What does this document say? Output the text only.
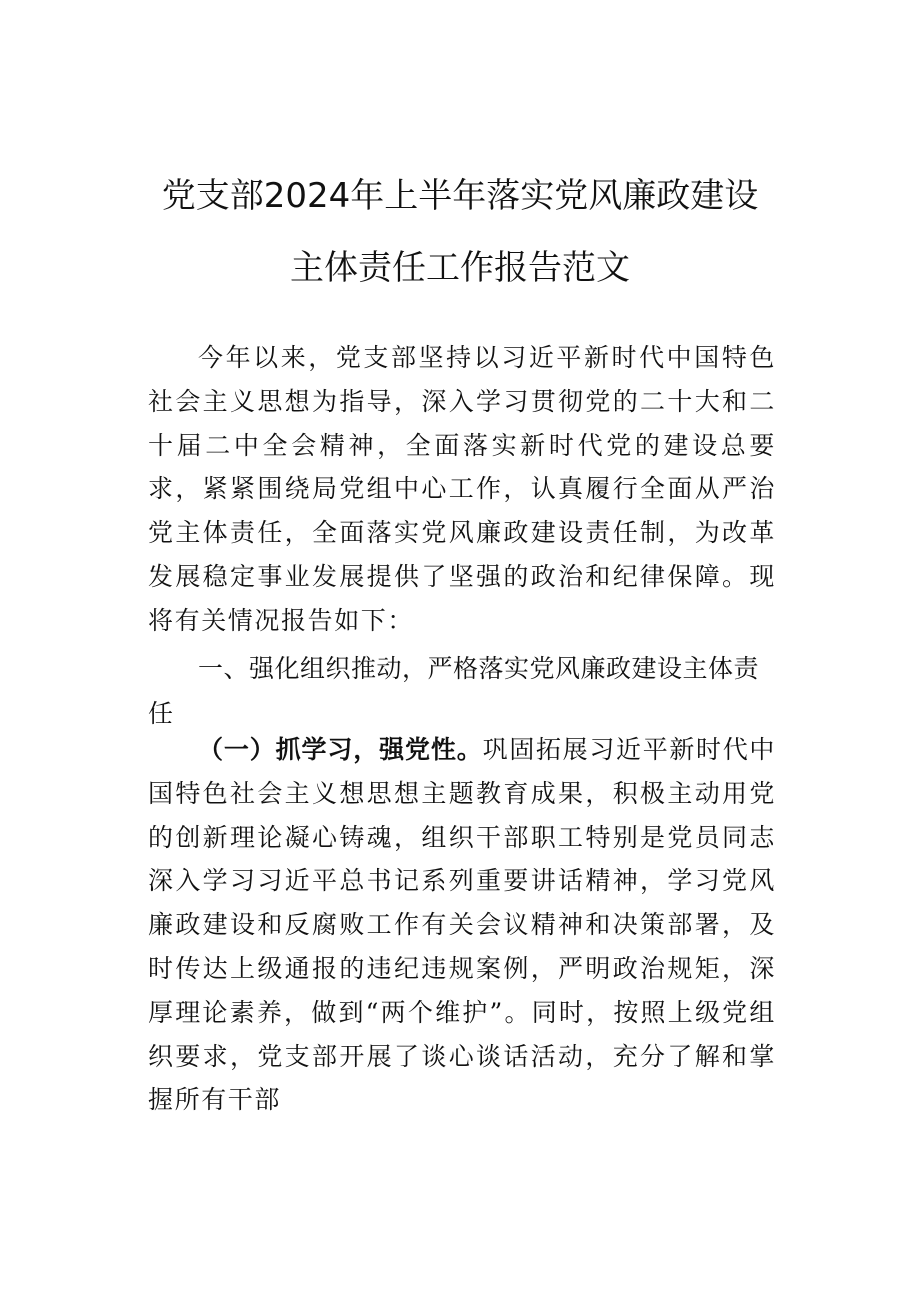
党支部2024年上半年落实党风廉政建设
主体责任工作报告范文

今年以来，党支部坚持以习近平新时代中国特色社会主义思想为指导，深入学习贯彻党的二十大和二十届二中全会精神，全面落实新时代党的建设总要求，紧紧围绕局党组中心工作，认真履行全面从严治党主体责任，全面落实党风廉政建设责任制，为改革发展稳定事业发展提供了坚强的政治和纪律保障。现将有关情况报告如下：

一、强化组织推动，严格落实党风廉政建设主体责任

（一）抓学习，强党性。巩固拓展习近平新时代中国特色社会主义想思想主题教育成果，积极主动用党的创新理论凝心铸魂，组织干部职工特别是党员同志深入学习习近平总书记系列重要讲话精神，学习党风廉政建设和反腐败工作有关会议精神和决策部署，及时传达上级通报的违纪违规案例，严明政治规矩，深厚理论素养，做到“两个维护”。同时，按照上级党组织要求，党支部开展了谈心谈话活动，充分了解和掌握所有干部
